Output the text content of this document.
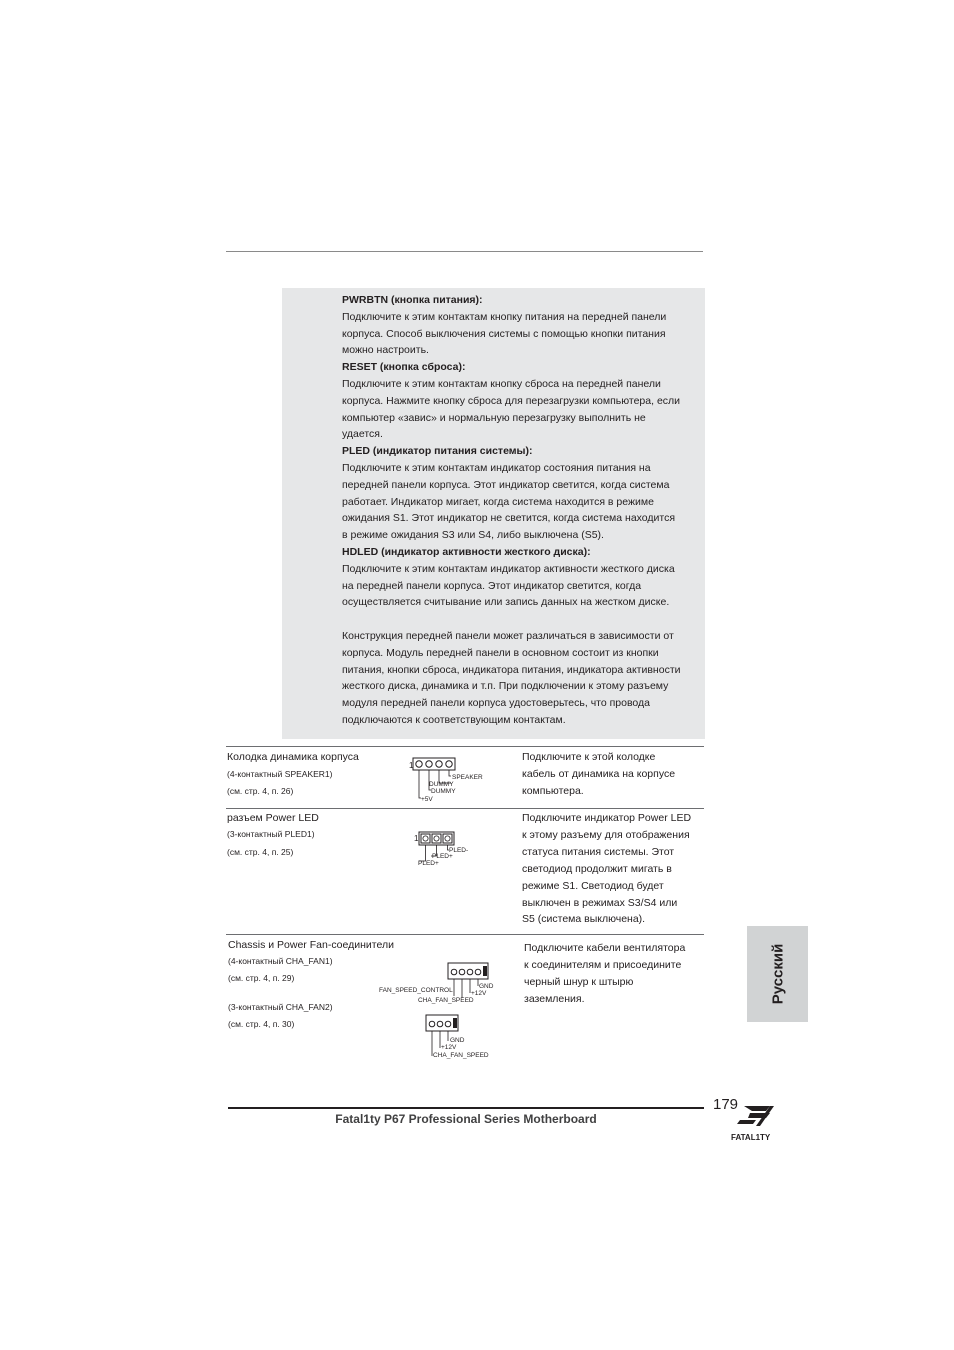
PWRBTN (кнопка питания):
Подключите к этим контактам кнопку питания на передней панели
корпуса. Способ выключения системы с помощью кнопки питания
можно настроить.
RESET (кнопка сброса):
Подключите к этим контактам кнопку сброса на передней панели
корпуса. Нажмите кнопку сброса для перезагрузки компьютера, если
компьютер «завис» и нормальную перезагрузку выполнить не
удается.
PLED (индикатор питания системы):
Подключите к этим контактам индикатор состояния питания на
передней панели корпуса. Этот индикатор светится, когда система
работает. Индикатор мигает, когда система находится в режиме
ожидания S1. Этот индикатор не светится, когда система находится
в режиме ожидания S3 или S4, либо выключена (S5).
HDLED (индикатор активности жесткого диска):
Подключите к этим контактам индикатор активности жесткого диска
на передней панели корпуса. Этот индикатор светится, когда
осуществляется считывание или запись данных на жестком диске.
Конструкция передней панели может различаться в зависимости от
корпуса. Модуль передней панели в основном состоит из кнопки
питания, кнопки сброса, индикатора питания, индикатора активности
жесткого диска, динамика и т.п. При подключении к этому разъему
модуля передней панели корпуса удостоверьтесь, что провода
подключаются к соответствующим контактам.
Колодка динамика корпуса
(4-контактный SPEAKER1)
(см. стр. 4, п. 26)
1
SPEAKER
DUMMY
DUMMY
+5V
Подключите к этой колодке
кабель от динамика на корпусе
компьютера.
разъем Power LED
(3-контактный PLED1)
(см. стр. 4, п. 25)
1
PLED-
PLED+
PLED+
Подключите индикатор Power LED
к этому разъему для отображения
статуса питания системы. Этот
светодиод продолжит мигать в
режиме S1. Светодиод будет
выключен в режимах S3/S4 или
S5 (система выключена).
Chassis и Power Fan-соединители
(4-контактный CHA_FAN1)
(см. стр. 4, п. 29)
(3-контактный CHA_FAN2)
(см. стр. 4, п. 30)
GND
+12V
FAN_SPEED_CONTROL
CHA_FAN_SPEED
GND
+12V
CHA_FAN_SPEED
Подключите кабели вентилятора
к соединителям и присоедините
черный шнур к штырю
заземления.	Русский
Fatal1ty P67 Professional Series Motherboard
179
FATAL1TY
